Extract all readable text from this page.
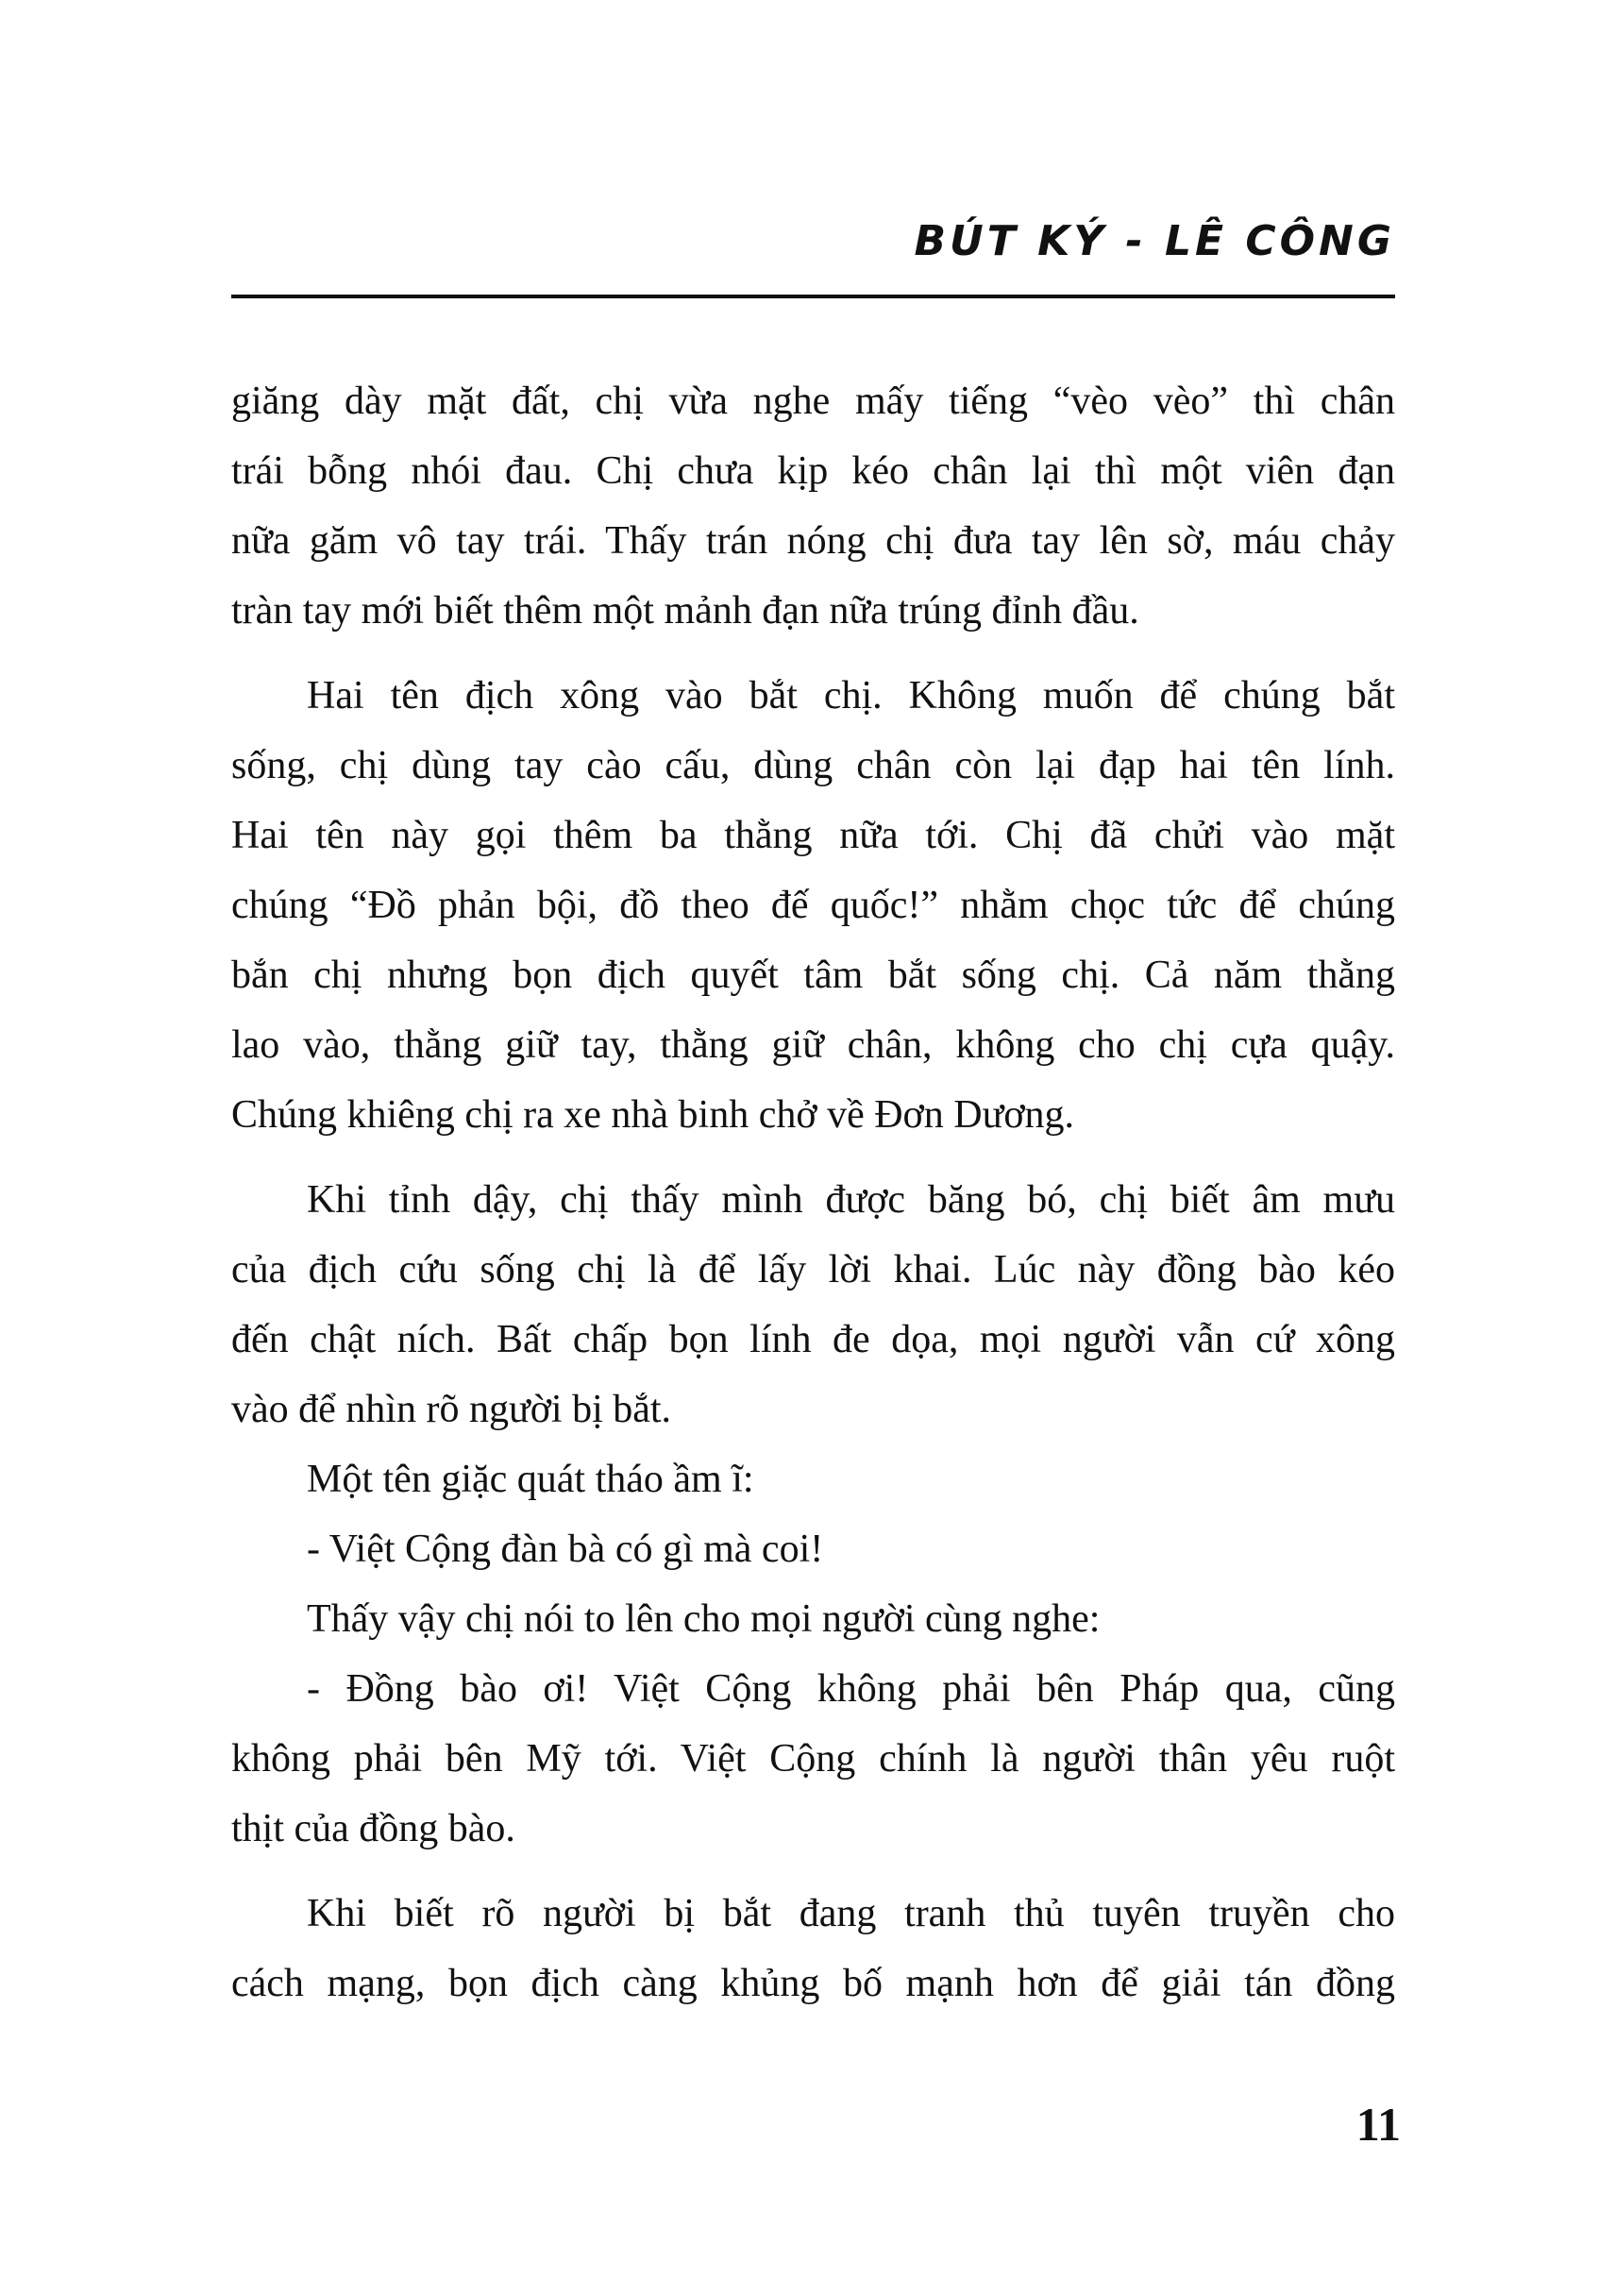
BÚT KÝ - LÊ CÔNG
giăng dày mặt đất, chị vừa nghe mấy tiếng “vèo vèo” thì chân
trái bỗng nhói đau. Chị chưa kịp kéo chân lại thì một viên đạn
nữa găm vô tay trái. Thấy trán nóng chị đưa tay lên sờ, máu chảy
tràn tay mới biết thêm một mảnh đạn nữa trúng đỉnh đầu.
Hai tên địch xông vào bắt chị. Không muốn để chúng bắt
sống, chị dùng tay cào cấu, dùng chân còn lại đạp hai tên lính.
Hai tên này gọi thêm ba thằng nữa tới. Chị đã chửi vào mặt
chúng “Đồ phản bội, đồ theo đế quốc!” nhằm chọc tức để chúng
bắn chị nhưng bọn địch quyết tâm bắt sống chị. Cả năm thằng
lao vào, thằng giữ tay, thằng giữ chân, không cho chị cựa quậy.
Chúng khiêng chị ra xe nhà binh chở về Đơn Dương.
Khi tỉnh dậy, chị thấy mình được băng bó, chị biết âm mưu
của địch cứu sống chị là để lấy lời khai. Lúc này đồng bào kéo
đến chật ních. Bất chấp bọn lính đe dọa, mọi người vẫn cứ xông
vào để nhìn rõ người bị bắt.
Một tên giặc quát tháo ầm ĩ:
- Việt Cộng đàn bà có gì mà coi!
Thấy vậy chị nói to lên cho mọi người cùng nghe:
- Đồng bào ơi! Việt Cộng không phải bên Pháp qua, cũng
không phải bên Mỹ tới. Việt Cộng chính là người thân yêu ruột
thịt của đồng bào.
Khi biết rõ người bị bắt đang tranh thủ tuyên truyền cho
cách mạng, bọn địch càng khủng bố mạnh hơn để giải tán đồng
11
